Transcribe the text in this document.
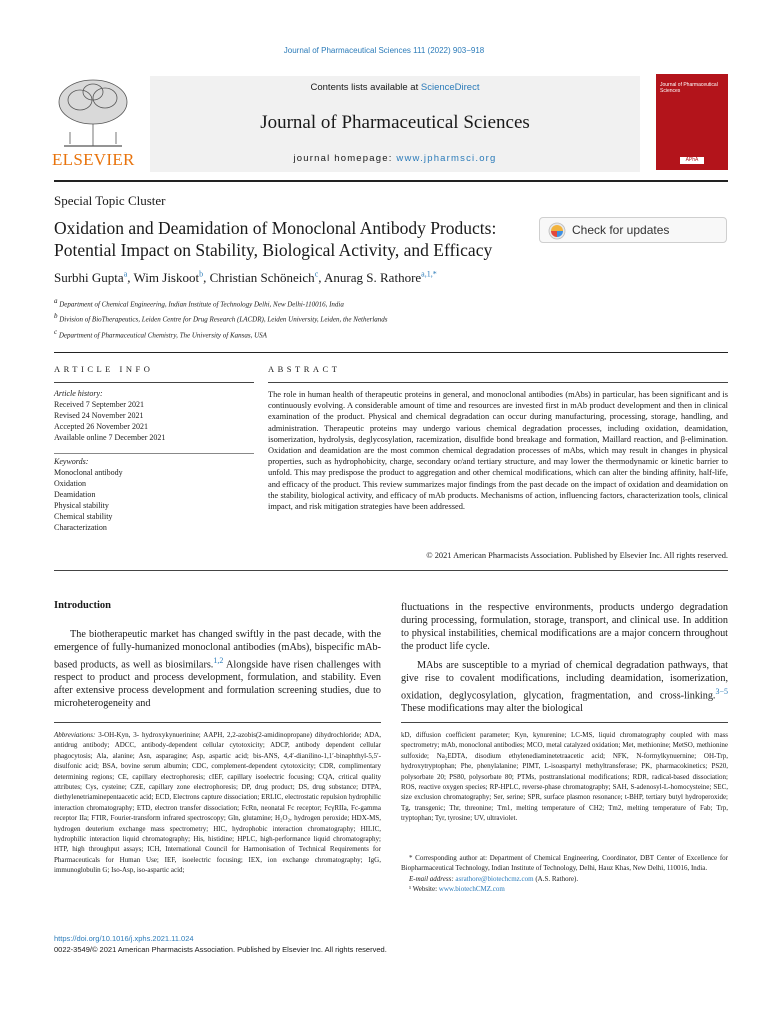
Journal of Pharmaceutical Sciences 111 (2022) 903−918
ELSEVIER
Contents lists available at ScienceDirect
Journal of Pharmaceutical Sciences
journal homepage: www.jpharmsci.org
Journal of Pharmaceutical Sciences
APhA
Special Topic Cluster
Oxidation and Deamidation of Monoclonal Antibody Products:
Potential Impact on Stability, Biological Activity, and Efficacy
Check for updates
Surbhi Gupta$^a$, Wim Jiskoot$^b$, Christian Schöneich$^c$, Anurag S. Rathore$^{a,1,*}$
$^a$ Department of Chemical Engineering, Indian Institute of Technology Delhi, New Delhi-110016, India
$^b$ Division of BioTherapeutics, Leiden Centre for Drug Research (LACDR), Leiden University, Leiden, the Netherlands
$^c$ Department of Pharmaceutical Chemistry, The University of Kansas, USA
ARTICLE INFO	ABSTRACT
Article history:
Received 7 September 2021
Revised 24 November 2021
Accepted 26 November 2021
Available online 7 December 2021
Keywords:
Monoclonal antibody
Oxidation
Deamidation
Physical stability
Chemical stability
Characterization
The role in human health of therapeutic proteins in general, and monoclonal antibodies (mAbs) in particular, has been significant and is continuously evolving. A considerable amount of time and resources are invested first in mAb product development and then in clinical examination of the product. Physical and chemical degradation can occur during manufacturing, processing, storage, handling, and administration. Therapeutic proteins may undergo various chemical degradation processes, including oxidation, deamidation, isomerization, hydrolysis, deglycosylation, racemization, disulfide bond breakage and formation, Maillard reaction, and β-elimination. Oxidation and deamidation are the most common chemical degradation processes of mAbs, which may result in changes in physical properties, such as hydrophobicity, charge, secondary or/and tertiary structure, and may lower the thermodynamic or kinetic barrier to unfold. This may predispose the product to aggregation and other chemical modifications, which can alter the binding affinity, half-life, and efficacy of the product. This review summarizes major findings from the past decade on the impact of oxidation and deamidation on the stability, biological activity, and efficacy of mAb products. Mechanisms of action, influencing factors, characterization tools, clinical impact, and risk mitigation strategies have been addressed.
© 2021 American Pharmacists Association. Published by Elsevier Inc. All rights reserved.
Introduction

The biotherapeutic market has changed swiftly in the past decade, with the emergence of fully-humanized monoclonal antibodies (mAbs), bispecific mAb-based products, as well as biosimilars.$^{1,2}$ Alongside have risen challenges with respect to product and process development, formulation, and stability. Even after extensive process development and formulation screening studies, due to microheterogeneity and

fluctuations in the respective environments, products undergo degradation during processing, formulation, storage, transport, and clinical use. In addition to physical instabilities, chemical modifications are a major concern throughout the product life cycle.

MAbs are susceptible to a myriad of chemical degradation pathways, that give rise to covalent modifications, including deamidation, isomerization, oxidation, deglycosylation, glycation, fragmentation, and cross-linking.$^{3-5}$ These modifications may alter the biological

Abbreviations: 3-OH-Kyn, 3- hydroxykynuerinine; AAPH, 2,2-azobis(2-amidinopropane) dihydrochloride; ADA, antidrug antibody; ADCC, antibody-dependent cellular cytotoxicity; ADCP, antibody dependent cellular phagocytosis; Ala, alanine; Asn, asparagine; Asp, aspartic acid; bis-ANS, 4,4′-dianilino-1,1′-binaphthyl-5,5′-disulfonic acid; BSA, bovine serum albumin; CDC, complement-dependent cytotoxicity; CDR, complimentary determining regions; CE, capillary electrophoresis; cIEF, capillary isoelectric focusing; CQA, critical quality attributes; Cys, cysteine; CZE, capillary zone electrophoresis; DP, drug product; DS, drug substance; DTPA, diethylenetriaminepentaacetic acid; ECD, Electrons capture dissociation; ERLIC, electrostatic repulsion hydrophilic interaction chromatography; ETD, electron transfer dissociation; FcRn, neonatal Fc receptor; FcγRIIa, Fc-gamma receptor IIa; FTIR, Fourier-transform infrared spectroscopy; Gln, glutamine; H₂O₂, hydrogen peroxide; HDX-MS, hydrogen deuterium exchange mass spectrometry; HIC, hydrophobic interaction chromatography; HILIC, hydrophilic interaction liquid chromatography; His, histidine; HPLC, high-performance liquid chromatography; HTP, high throughput assays; ICH, International Council for Harmonisation of Technical Requirements for Pharmaceuticals for Human Use; IEF, isoelectric focusing; IEX, ion exchange chromatography; IgG, immunoglobulin G; Iso-Asp, iso-aspartic acid;
kD, diffusion coefficient parameter; Kyn, kynurenine; LC-MS, liquid chromatography coupled with mass spectrometry; mAb, monoclonal antibodies; MCO, metal catalyzed oxidation; Met, methionine; MetSO, methionine sulfoxide; Na₂EDTA, disodium ethylenediaminetetraacetic acid; NFK, N-formylkynuernine; OH-Trp, hydroxytryptophan; Phe, phenylalanine; PIMT, L-isoaspartyl methyltransferase; PK, pharmacokinetics; PS20, polysorbate 20; PS80, polysorbate 80; PTMs, posttranslational modifications; RDR, radical-based dissociation; ROS, reactive oxygen species; RP-HPLC, reverse-phase chromatography; SAH, S-adenosyl-L-homocysteine; SEC, size exclusion chromatography; Ser, serine; SPR, surface plasmon resonance; t-BHP, tertiary butyl hydroperoxide; Tg, transgenic; Thr, threonine; Tm1, melting temperature of CH2; Tm2, melting temperature of Fab; Trp, tryptophan; Tyr, tyrosine; UV, ultraviolet.
* Corresponding author at: Department of Chemical Engineering, Coordinator, DBT Center of Excellence for Biopharmaceutical Technology, Indian Institute of Technology, Delhi, Hauz Khas, New Delhi, 110016, India.
E-mail address: asrathore@biotechcmz.com (A.S. Rathore).
¹ Website: www.biotechCMZ.com
https://doi.org/10.1016/j.xphs.2021.11.024
0022-3549/© 2021 American Pharmacists Association. Published by Elsevier Inc. All rights reserved.
